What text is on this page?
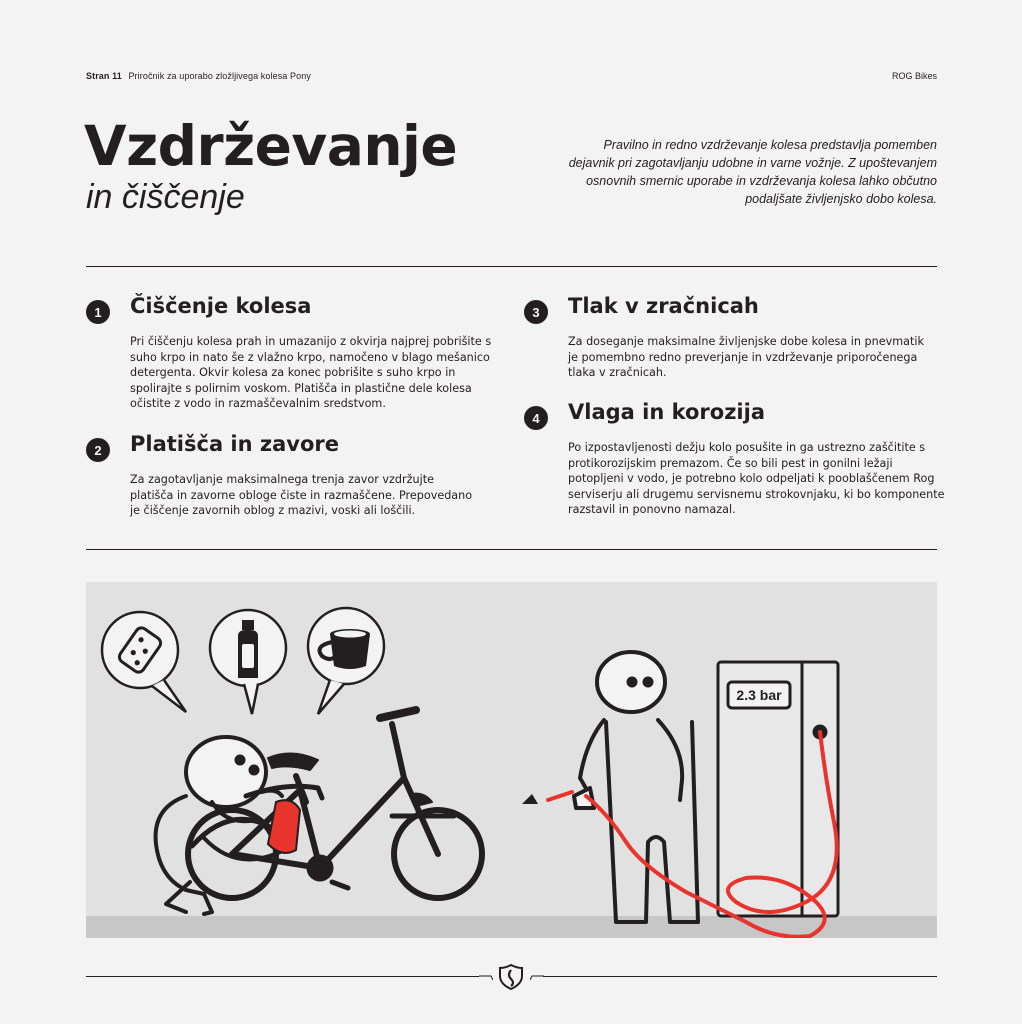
Stran 11 Priročnik za uporabo zložljivega kolesa Pony	ROG Bikes
Vzdrževanje
in čiščenje
Pravilno in redno vzdrževanje kolesa predstavlja pomemben dejavnik pri zagotavljanju udobne in varne vožnje. Z upoštevanjem osnovnih smernic uporabe in vzdrževanja kolesa lahko občutno podaljšate življenjsko dobo kolesa.
1	Čiščenje kolesa
Pri čiščenju kolesa prah in umazanijo z okvirja najprej pobrišite s suho krpo in nato še z vlažno krpo, namočeno v blago mešanico detergenta. Okvir kolesa za konec pobrišite s suho krpo in spolirajte s polirnim voskom. Platišča in plastične dele kolesa očistite z vodo in razmaščevalnim sredstvom.
2	Platišča in zavore
Za zagotavljanje maksimalnega trenja zavor vzdržujte platišča in zavorne obloge čiste in razmaščene. Prepovedano je čiščenje zavornih oblog z mazivi, voski ali loščili.
3	Tlak v zračnicah
Za doseganje maksimalne življenjske dobe kolesa in pnevmatik je pomembno redno preverjanje in vzdrževanje priporočenega tlaka v zračnicah.
4	Vlaga in korozija
Po izpostavljenosti dežju kolo posušite in ga ustrezno zaščitite s protikorozijskim premazom. Če so bili pest in gonilni ležaji potopljeni v vodo, je potrebno kolo odpeljati k pooblaščenem Rog serviserju ali drugemu servisnemu strokovnjaku, ki bo komponente razstavil in ponovno namazal.
2.3 bar
